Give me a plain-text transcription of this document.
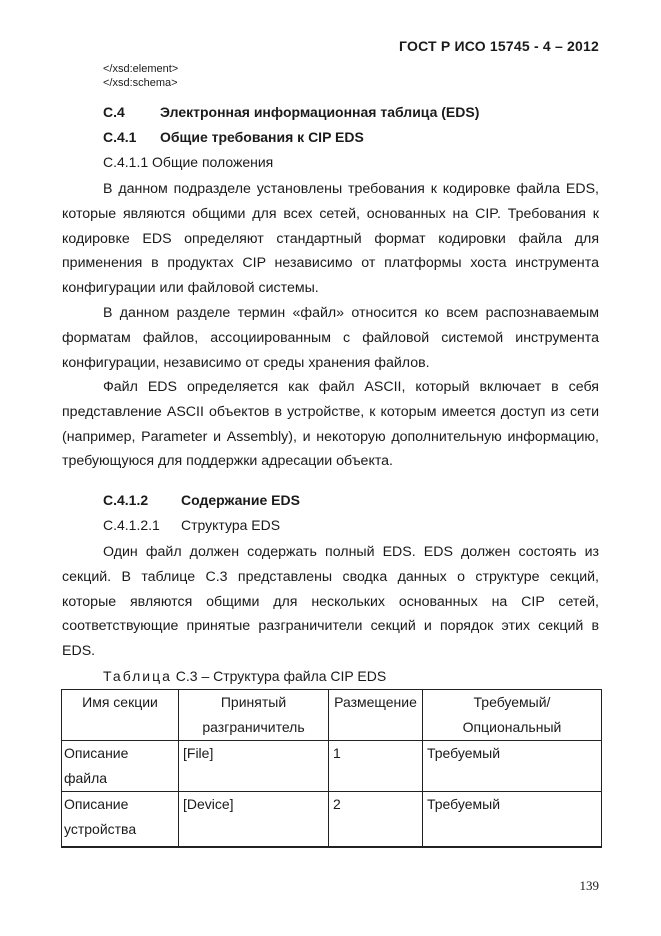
ГОСТ Р ИСО 15745 - 4 – 2012
</xsd:element>
</xsd:schema>
C.4	Электронная информационная таблица (EDS)
C.4.1 Общие требования к CIP EDS
C.4.1.1 Общие положения

В данном подразделе установлены требования к кодировке файла EDS, которые являются общими для всех сетей, основанных на CIP. Требования к кодировке EDS определяют стандартный формат кодировки файла для применения в продуктах CIP независимо от платформы хоста инструмента конфигурации или файловой системы.

В данном разделе термин «файл» относится ко всем распознаваемым форматам файлов, ассоциированным с файловой системой инструмента конфигурации, независимо от среды хранения файлов.

Файл EDS определяется как файл ASCII, который включает в себя представление ASCII объектов в устройстве, к которым имеется доступ из сети (например, Parameter и Assembly), и некоторую дополнительную информацию, требующуюся для поддержки адресации объекта.

C.4.1.2 Содержание EDS
C.4.1.2.1 Структура EDS

Один файл должен содержать полный EDS. EDS должен состоять из секций. В таблице C.3 представлены сводка данных о структуре секций, которые являются общими для нескольких основанных на CIP сетей, соответствующие принятые разграничители секций и порядок этих секций в EDS.

Таблица C.3 – Структура файла CIP EDS
Имя секции	Принятый разграничитель	Размещение	Требуемый/ Опциональный
Описание файла	[File]	1	Требуемый
Описание устройства	[Device]	2	Требуемый
139
